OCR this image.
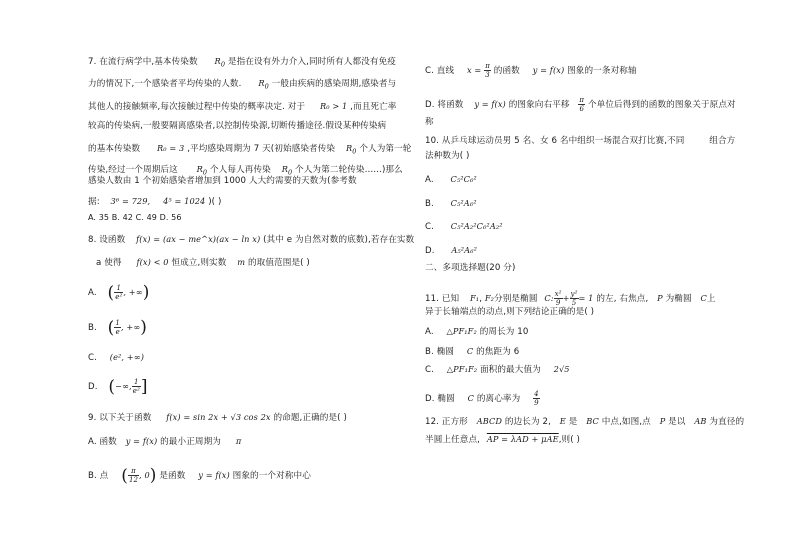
7. 在流行病学中,基本传染数 $R_0$ 是指在设有外力介入,同时所有人都没有免疫
力的情况下,一个感染者平均传染的人数. $R_0$ 一般由疾病的感染周期,感染者与
其他人的接触频率,每次接触过程中传染的概率决定. 对于 R₀ > 1 ,而且死亡率
较高的传染病,一般要隔离感染者,以控制传染源,切断传播途径.假设某种传染病
的基本传染数 R₀ = 3 ,平均感染周期为 7 天(初始感染者传染 $R_0$ 个人为第一轮
传染,经过一个周期后这 $R_0$ 个人每人再传染 $R_0$ 个人为第二轮传染……)那么
感染人数由 1 个初始感染者增加到 1000 人大约需要的天数为(参考数
据: 3⁶ = 729, 4⁵ = 1024 )( )
A. 35 B. 42 C. 49 D. 56
8. 设函数 f(x) = (ax − me^x)(ax − ln x) (其中 e 为自然对数的底数),若存在实数
a 使得 f(x) < 0 恒成立,则实数 m 的取值范围是( )
A. ( $\frac{1}{\text{e²}}$ , +∞)
B. ( $\frac{1}{e}$ , +∞)
C. (e², +∞)
D. (−∞, $\frac{1}{\text{e²}}$ ]
9. 以下关于函数 f(x) = sin 2x + √3 cos 2x 的命题,正确的是( )
A. 函数 y = f(x) 的最小正周期为 π
B. 点 ( $\frac{\pi}{12}$ , 0) 是函数 y = f(x) 图象的一个对称中心
C. 直线 $x = \frac{\pi}{3}$ 的函数 y = f(x) 图象的一条对称轴
D. 将函数 y = f(x) 的图象向右平移 $\frac{\pi}{6}$ 个单位后得到的函数的图象关于原点对
称
10. 从乒乓球运动员男 5 名、女 6 名中组织一场混合双打比赛,不同	组合方
法种数为( )
A. C₅²C₆²
B. C₅²A₆²
C. C₅²A₂²C₆²A₂²
D. A₅²A₆²
二、多项选择题(20 分)
11. 已知 F₁, F₂分别是椭圆 C: $\frac{\text{x²}}{9} + \frac{\text{y²}}{5} = 1$ 的左, 右焦点, P 为椭圆 C上
异于长轴端点的动点,则下列结论正确的是( )
A. △PF₁F₂ 的周长为 10
B. 椭圆 C 的焦距为 6
C. △PF₁F₂ 面积的最大值为 2√5
D. 椭圆 C 的离心率为 $\frac{4}{9}$
12. 正方形 ABCD 的边长为 2, E 是 BC 中点,如图,点 P 是以 AB 为直径的
半圆上任意点, AP = λAD + μAE,则( )
